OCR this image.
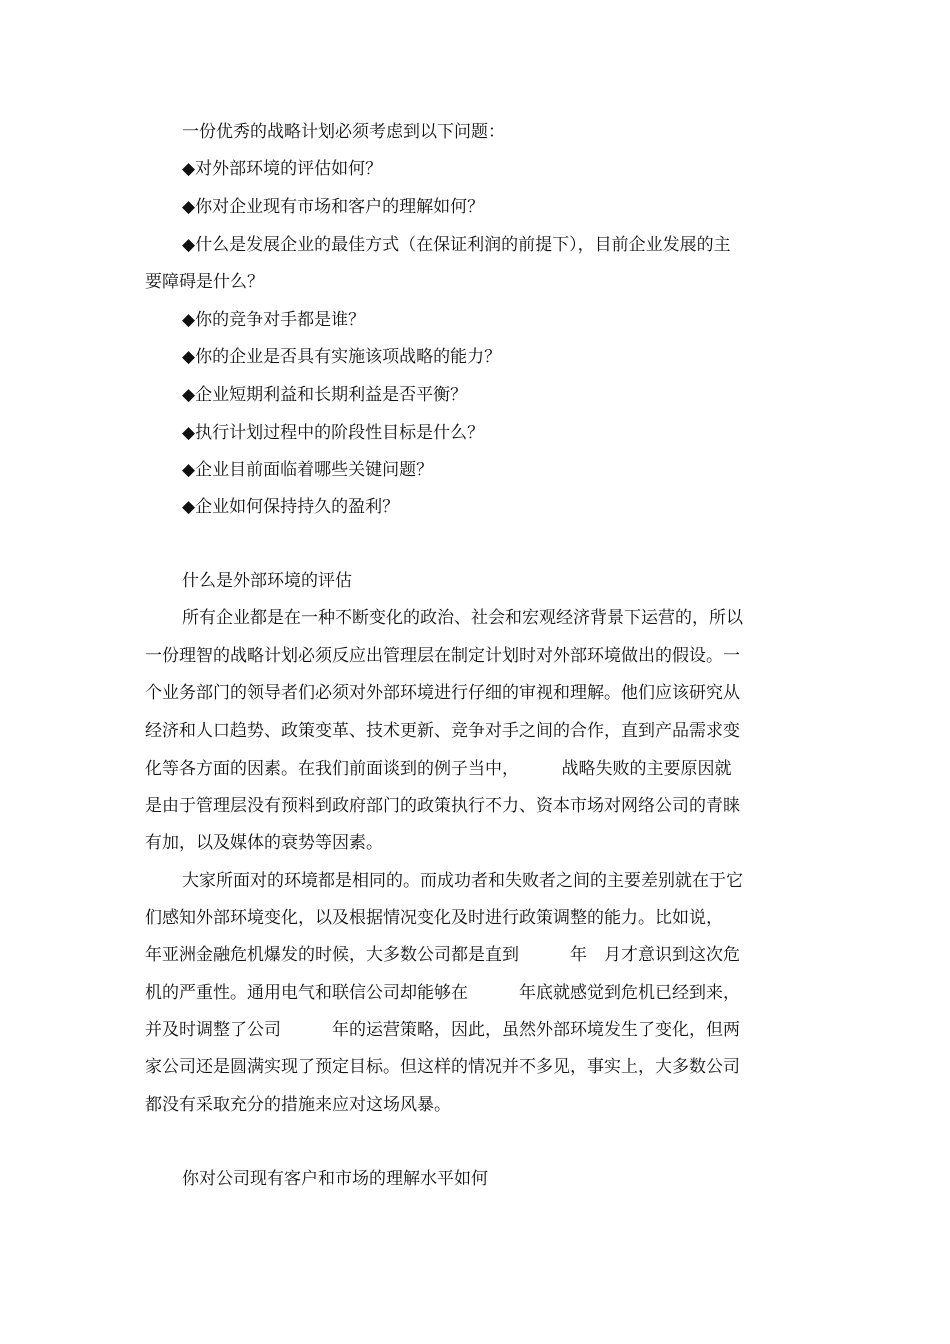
一份优秀的战略计划必须考虑到以下问题：
◆对外部环境的评估如何？
◆你对企业现有市场和客户的理解如何？
◆什么是发展企业的最佳方式（在保证利润的前提下），目前企业发展的主
要障碍是什么？
◆你的竞争对手都是谁？
◆你的企业是否具有实施该项战略的能力？
◆企业短期利益和长期利益是否平衡？
◆执行计划过程中的阶段性目标是什么？
◆企业目前面临着哪些关键问题？
◆企业如何保持持久的盈利？
什么是外部环境的评估
所有企业都是在一种不断变化的政治、社会和宏观经济背景下运营的，所以
一份理智的战略计划必须反应出管理层在制定计划时对外部环境做出的假设。一
个业务部门的领导者们必须对外部环境进行仔细的审视和理解。他们应该研究从
经济和人口趋势、政策变革、技术更新、竞争对手之间的合作，直到产品需求变
化等各方面的因素。在我们前面谈到的例子当中，　　　战略失败的主要原因就
是由于管理层没有预料到政府部门的政策执行不力、资本市场对网络公司的青睐
有加，以及媒体的衰势等因素。
大家所面对的环境都是相同的。而成功者和失败者之间的主要差别就在于它
们感知外部环境变化，以及根据情况变化及时进行政策调整的能力。比如说，
年亚洲金融危机爆发的时候，大多数公司都是直到　　　年　月才意识到这次危
机的严重性。通用电气和联信公司却能够在　　　年底就感觉到危机已经到来，
并及时调整了公司　　　年的运营策略，因此，虽然外部环境发生了变化，但两
家公司还是圆满实现了预定目标。但这样的情况并不多见，事实上，大多数公司
都没有采取充分的措施来应对这场风暴。
你对公司现有客户和市场的理解水平如何
